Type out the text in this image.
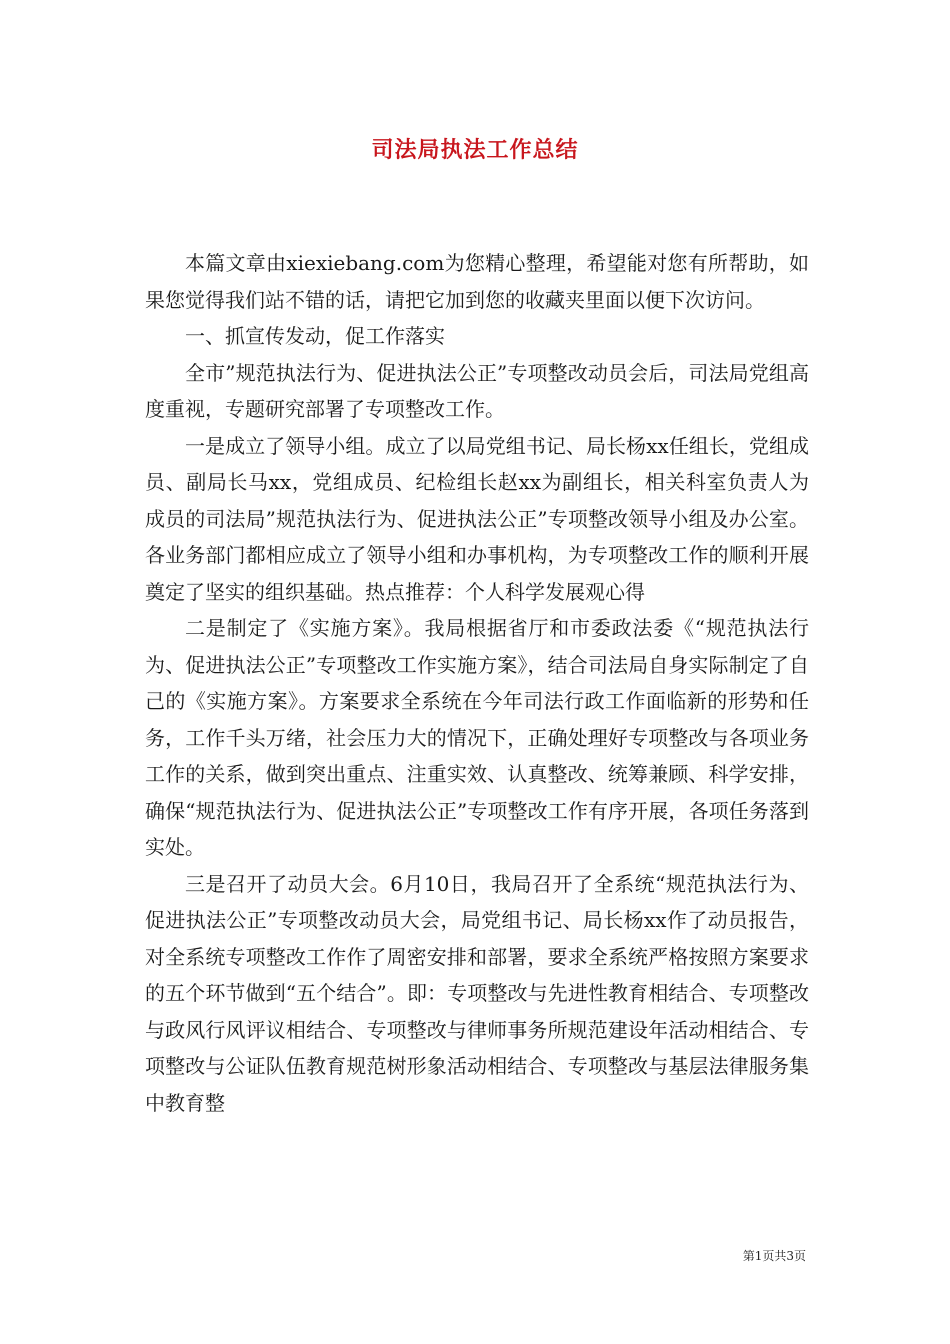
司法局执法工作总结

本篇文章由xiexiebang.com为您精心整理，希望能对您有所帮助，如果您觉得我们站不错的话，请把它加到您的收藏夹里面以便下次访问。

一、抓宣传发动，促工作落实

全市”规范执法行为、促进执法公正”专项整改动员会后，司法局党组高度重视，专题研究部署了专项整改工作。

一是成立了领导小组。成立了以局党组书记、局长杨xx任组长，党组成员、副局长马xx，党组成员、纪检组长赵xx为副组长，相关科室负责人为成员的司法局”规范执法行为、促进执法公正”专项整改领导小组及办公室。各业务部门都相应成立了领导小组和办事机构，为专项整改工作的顺利开展奠定了坚实的组织基础。热点推荐：个人科学发展观心得

二是制定了《实施方案》。我局根据省厅和市委政法委《“规范执法行为、促进执法公正”专项整改工作实施方案》，结合司法局自身实际制定了自己的《实施方案》。方案要求全系统在今年司法行政工作面临新的形势和任务，工作千头万绪，社会压力大的情况下，正确处理好专项整改与各项业务工作的关系，做到突出重点、注重实效、认真整改、统筹兼顾、科学安排，确保“规范执法行为、促进执法公正”专项整改工作有序开展，各项任务落到实处。

三是召开了动员大会。6月10日，我局召开了全系统“规范执法行为、促进执法公正”专项整改动员大会，局党组书记、局长杨xx作了动员报告，对全系统专项整改工作作了周密安排和部署，要求全系统严格按照方案要求的五个环节做到“五个结合”。即：专项整改与先进性教育相结合、专项整改与政风行风评议相结合、专项整改与律师事务所规范建设年活动相结合、专项整改与公证队伍教育规范树形象活动相结合、专项整改与基层法律服务集中教育整

第1页共3页
